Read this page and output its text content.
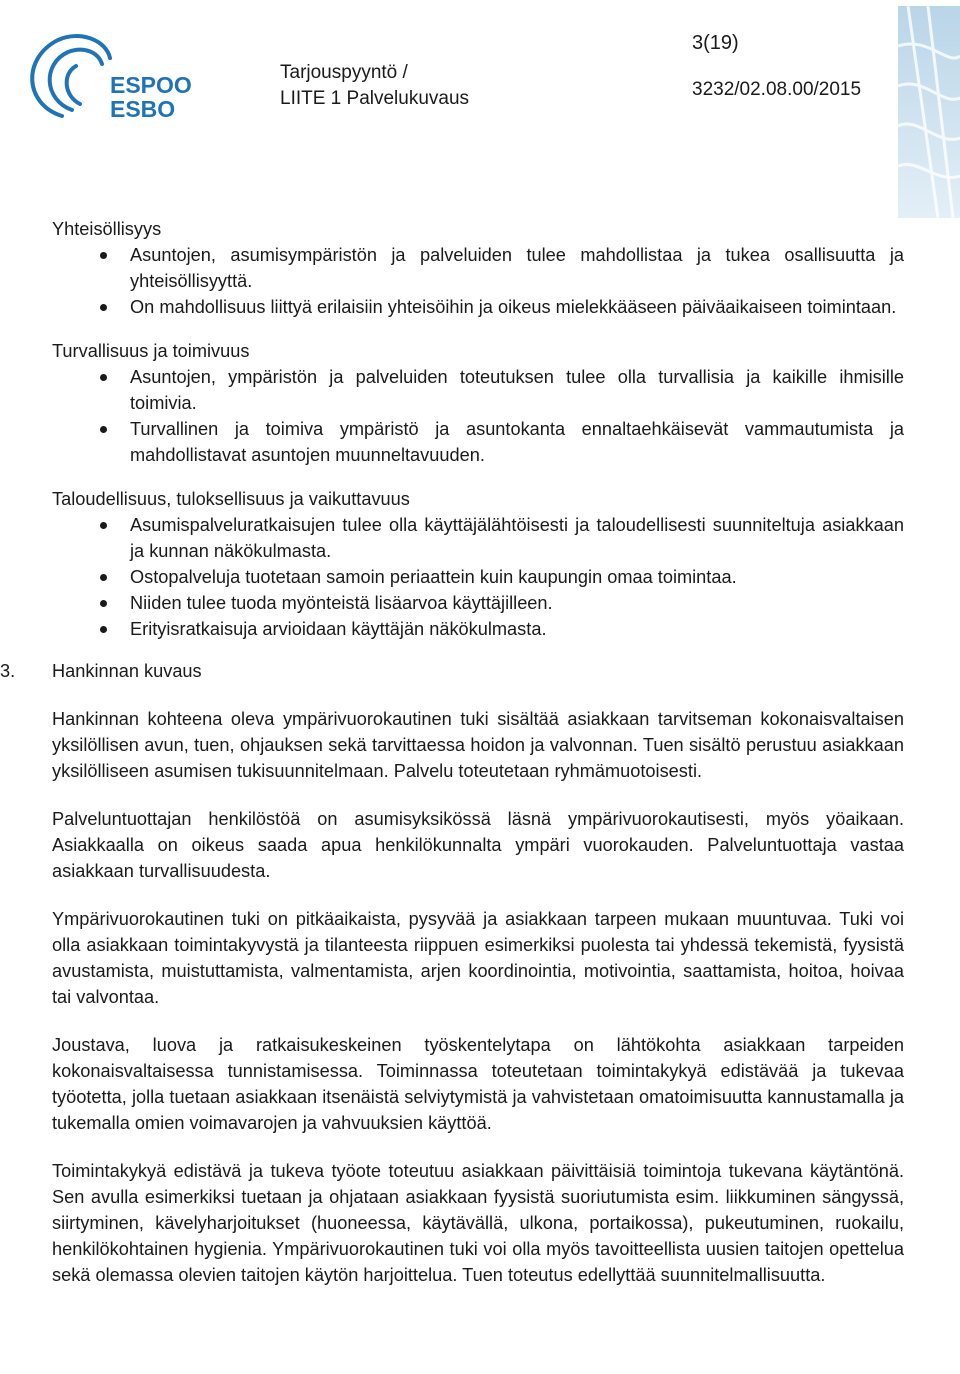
ESPOO
ESBO
Tarjouspyyntö /
LIITE 1 Palvelukuvaus
3(19)
3232/02.08.00/2015

Yhteisöllisyys

Asuntojen, asumisympäristön ja palveluiden tulee mahdollistaa ja tukea osallisuutta ja yhteisöllisyyttä.
On mahdollisuus liittyä erilaisiin yhteisöihin ja oikeus mielekkääseen päiväaikaiseen toimintaan.

Turvallisuus ja toimivuus

Asuntojen, ympäristön ja palveluiden toteutuksen tulee olla turvallisia ja kaikille ihmisille toimivia.
Turvallinen ja toimiva ympäristö ja asuntokanta ennaltaehkäisevät vammautumista ja mahdollistavat asuntojen muunneltavuuden.

Taloudellisuus, tuloksellisuus ja vaikuttavuus

Asumispalveluratkaisujen tulee olla käyttäjälähtöisesti ja taloudellisesti suunniteltuja asiakkaan ja kunnan näkökulmasta.
Ostopalveluja tuotetaan samoin periaattein kuin kaupungin omaa toimintaa.
Niiden tulee tuoda myönteistä lisäarvoa käyttäjilleen.
Erityisratkaisuja arvioidaan käyttäjän näkökulmasta.
3. Hankinnan kuvaus

Hankinnan kohteena oleva ympärivuorokautinen tuki sisältää asiakkaan tarvitseman kokonaisvaltaisen yksilöllisen avun, tuen, ohjauksen sekä tarvittaessa hoidon ja valvonnan. Tuen sisältö perustuu asiakkaan yksilölliseen asumisen tukisuunnitelmaan. Palvelu toteutetaan ryhmämuotoisesti.

Palveluntuottajan henkilöstöä on asumisyksikössä läsnä ympärivuorokautisesti, myös yöaikaan. Asiakkaalla on oikeus saada apua henkilökunnalta ympäri vuorokauden. Palveluntuottaja vastaa asiakkaan turvallisuudesta.

Ympärivuorokautinen tuki on pitkäaikaista, pysyvää ja asiakkaan tarpeen mukaan muuntuvaa. Tuki voi olla asiakkaan toimintakyvystä ja tilanteesta riippuen esimerkiksi puolesta tai yhdessä tekemistä, fyysistä avustamista, muistuttamista, valmentamista, arjen koordinointia, motivointia, saattamista, hoitoa, hoivaa tai valvontaa.

Joustava, luova ja ratkaisukeskeinen työskentelytapa on lähtökohta asiakkaan tarpeiden kokonaisvaltaisessa tunnistamisessa. Toiminnassa toteutetaan toimintakykyä edistävää ja tukevaa työotetta, jolla tuetaan asiakkaan itsenäistä selviytymistä ja vahvistetaan omatoimisuutta kannustamalla ja tukemalla omien voimavarojen ja vahvuuksien käyttöä.

Toimintakykyä edistävä ja tukeva työote toteutuu asiakkaan päivittäisiä toimintoja tukevana käytäntönä. Sen avulla esimerkiksi tuetaan ja ohjataan asiakkaan fyysistä suoriutumista esim. liikkuminen sängyssä, siirtyminen, kävelyharjoitukset (huoneessa, käytävällä, ulkona, portaikossa), pukeutuminen, ruokailu, henkilökohtainen hygienia. Ympärivuorokautinen tuki voi olla myös tavoitteellista uusien taitojen opettelua sekä olemassa olevien taitojen käytön harjoittelua. Tuen toteutus edellyttää suunnitelmallisuutta.
